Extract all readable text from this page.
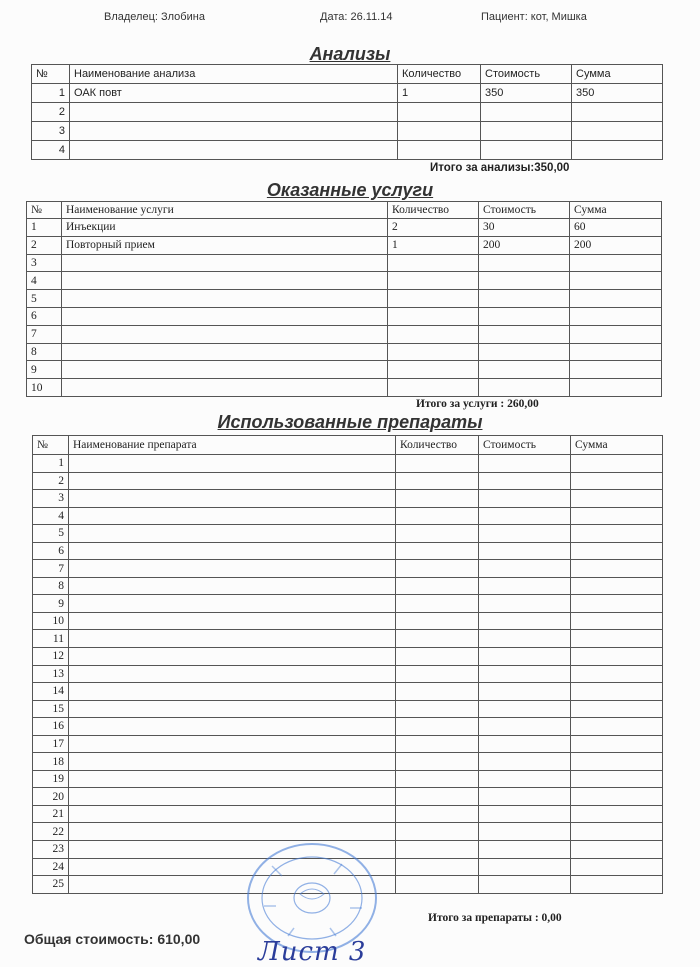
Владелец: Злобина	Дата: 26.11.14	Пациент: кот, Мишка
Анализы
№	Наименование анализа	Количество	Стоимость	Сумма
1	ОАК повт	1	350	350
2				
3				
4				
Итого за анализы:350,00
Оказанные услуги
№	Наименование услуги	Количество	Стоимость	Сумма
1	Инъекции	2	30	60
2	Повторный прием	1	200	200
3				
4				
5				
6				
7				
8				
9				
10				
Итого за услуги : 260,00
Использованные препараты
№	Наименование препарата	Количество	Стоимость	Сумма
1				
2				
3				
4				
5				
6				
7				
8				
9				
10				
11				
12				
13				
14				
15				
16				
17				
18				
19				
20				
21				
22				
23				
24				
25				
Итого за препараты : 0,00
Общая стоимость: 610,00 Лист 3
